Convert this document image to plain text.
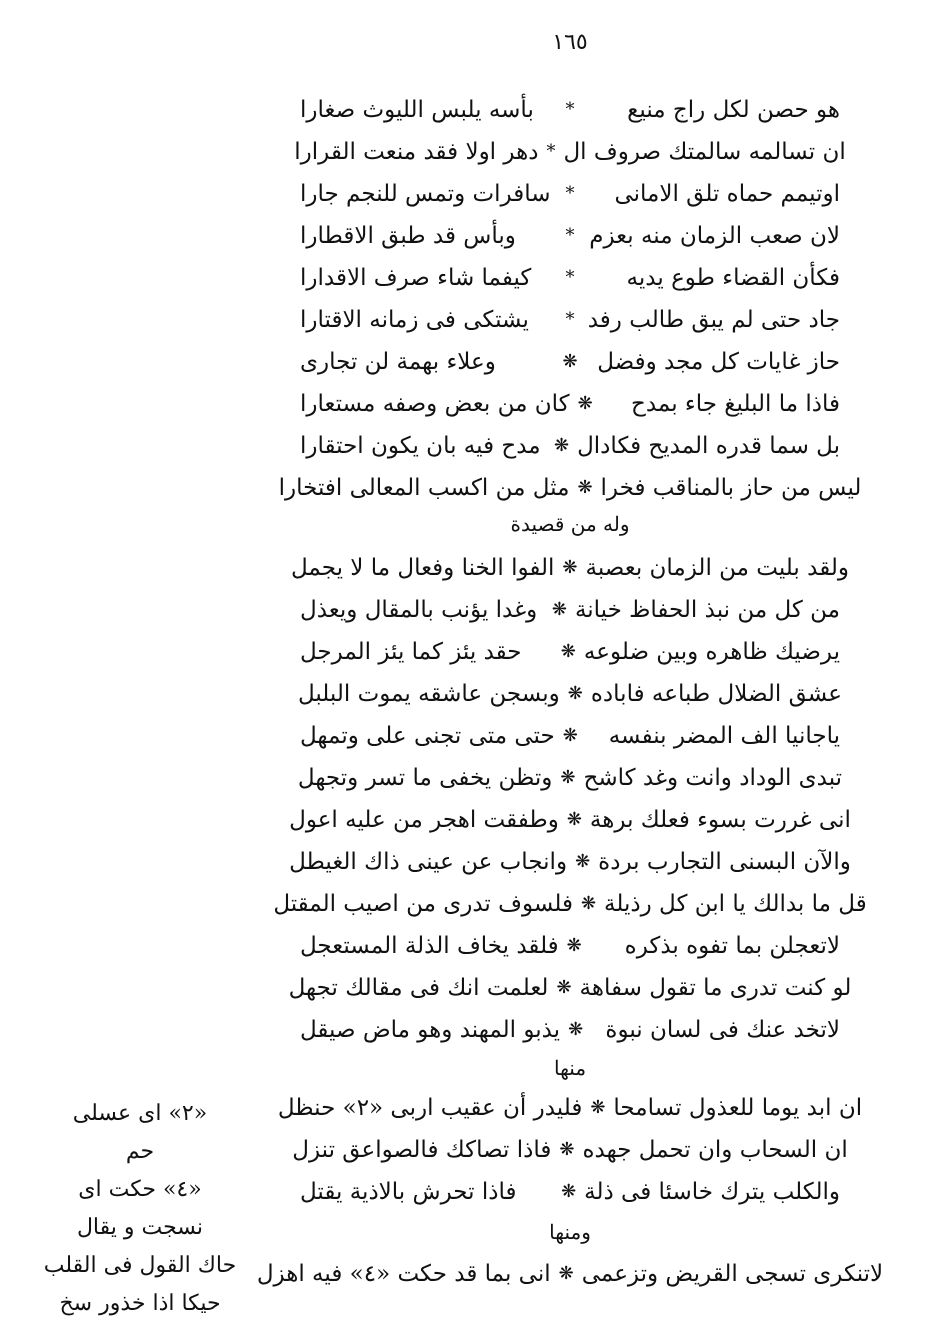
١٦٥
هو حصن لكل راج منيع
*
بأسه يلبس الليوث صغارا
ان تسالمه سالمتك صروف ال
*
دهر اولا فقد منعت القرارا
اوتيمم حماه تلق الامانى
*
سافرات وتمس للنجم جارا
لان صعب الزمان منه بعزم
*
وبأس قد طبق الاقطارا
فكأن القضاء طوع يديه
*
كيفما شاء صرف الاقدارا
جاد حتى لم يبق طالب رفد
*
يشتكى فى زمانه الاقتارا
حاز غايات كل مجد وفضل
❋
وعلاء بهمة لن تجارى
فاذا ما البليغ جاء بمدح
❋
كان من بعض وصفه مستعارا
بل سما قدره المديح فكادال
❋
مدح فيه بان يكون احتقارا
ليس من حاز بالمناقب فخرا
❋
مثل من اكسب المعالى افتخارا
وله من قصيدة
ولقد بليت من الزمان بعصبة
❋
الفوا الخنا وفعال ما لا يجمل
من كل من نبذ الحفاظ خيانة
❋
وغدا يؤنب بالمقال ويعذل
يرضيك ظاهره وبين ضلوعه
❋
حقد يئز كما يئز المرجل
عشق الضلال طباعه فاباده
❋
وبسجن عاشقه يموت البلبل
ياجانيا الف المضر بنفسه
❋
حتى متى تجنى على وتمهل
تبدى الوداد وانت وغد كاشح
❋
وتظن يخفى ما تسر وتجهل
انى غررت بسوء فعلك برهة
❋
وطفقت اهجر من عليه اعول
والآن البسنى التجارب بردة
❋
وانجاب عن عينى ذاك الغيطل
قل ما بدالك يا ابن كل رذيلة
❋
فلسوف تدرى من اصيب المقتل
لاتعجلن بما تفوه بذكره
❋
فلقد يخاف الذلة المستعجل
لو كنت تدرى ما تقول سفاهة
❋
لعلمت انك فى مقالك تجهل
لاتخد عنك فى لسان نبوة
❋
يذبو المهند وهو ماض صيقل
منها
ان ابد يوما للعذول تسامحا
❋
فليدر أن عقيب اربى «٢» حنظل
ان السحاب وان تحمل جهده
❋
فاذا تصاكك فالصواعق تنزل
والكلب يترك خاسئا فى ذلة
❋
فاذا تحرش بالاذية يقتل
ومنها
لاتنكرى تسجى القريض وتزعمى
❋
انى بما قد حكت «٤» فيه اهزل
«٢» اى عسلى
حم
«٤» حكت اى
نسجت و يقال
حاك القول فى القلب
حيكا اذا خذور سخ
